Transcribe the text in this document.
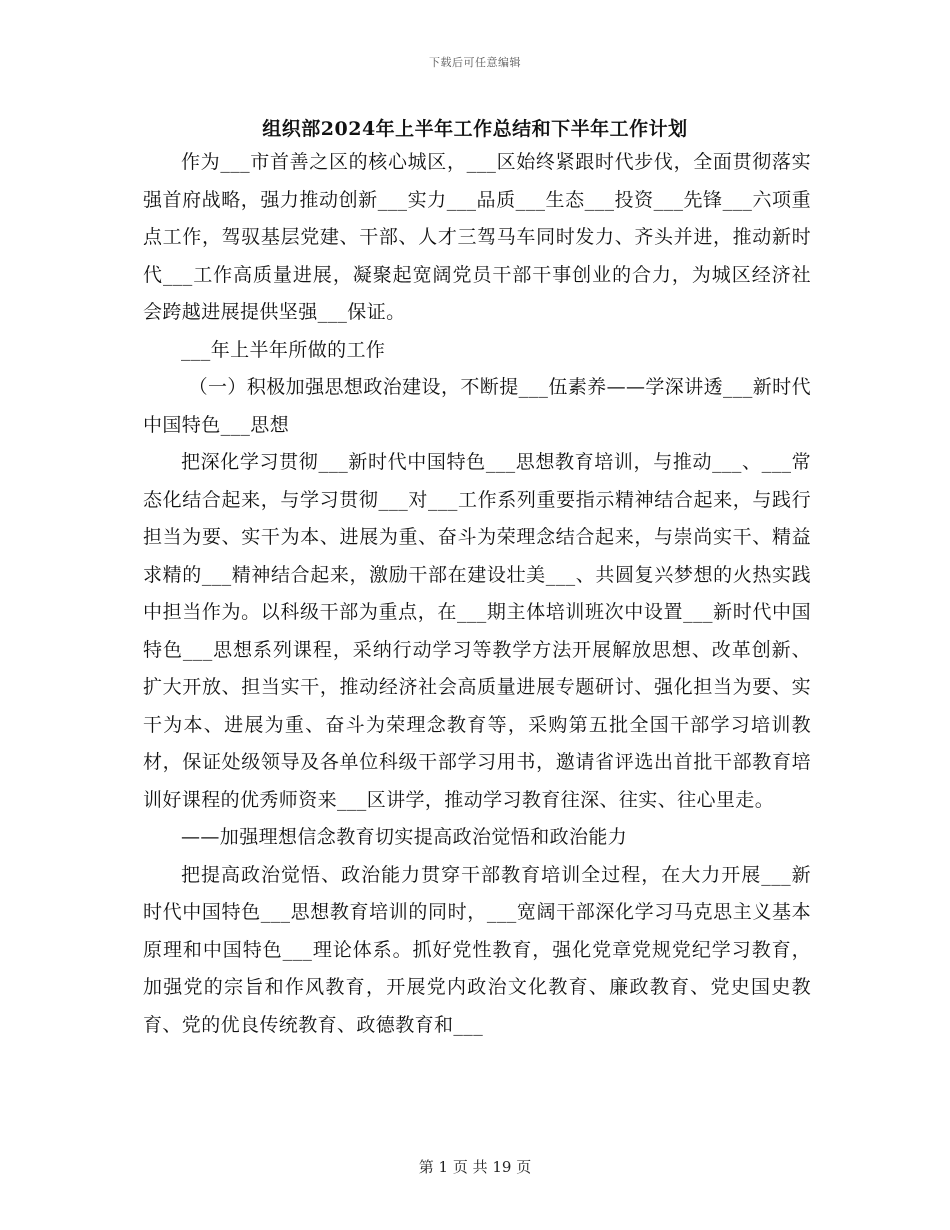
下载后可任意编辑
组织部2024年上半年工作总结和下半年工作计划

作为___市首善之区的核心城区，___区始终紧跟时代步伐，全面贯彻落实强首府战略，强力推动创新___实力___品质___生态___投资___先锋___六项重点工作，驾驭基层党建、干部、人才三驾马车同时发力、齐头并进，推动新时代___工作高质量进展，凝聚起宽阔党员干部干事创业的合力，为城区经济社会跨越进展提供坚强___保证。

___年上半年所做的工作

（一）积极加强思想政治建设，不断提___伍素养——学深讲透___新时代中国特色___思想

把深化学习贯彻___新时代中国特色___思想教育培训，与推动___、___常态化结合起来，与学习贯彻___对___工作系列重要指示精神结合起来，与践行担当为要、实干为本、进展为重、奋斗为荣理念结合起来，与崇尚实干、精益求精的___精神结合起来，激励干部在建设壮美___、共圆复兴梦想的火热实践中担当作为。以科级干部为重点，在___期主体培训班次中设置___新时代中国特色___思想系列课程，采纳行动学习等教学方法开展解放思想、改革创新、扩大开放、担当实干，推动经济社会高质量进展专题研讨、强化担当为要、实干为本、进展为重、奋斗为荣理念教育等，采购第五批全国干部学习培训教材，保证处级领导及各单位科级干部学习用书，邀请省评选出首批干部教育培训好课程的优秀师资来___区讲学，推动学习教育往深、往实、往心里走。

——加强理想信念教育切实提高政治觉悟和政治能力

把提高政治觉悟、政治能力贯穿干部教育培训全过程，在大力开展___新时代中国特色___思想教育培训的同时，___宽阔干部深化学习马克思主义基本原理和中国特色___理论体系。抓好党性教育，强化党章党规党纪学习教育，加强党的宗旨和作风教育，开展党内政治文化教育、廉政教育、党史国史教育、党的优良传统教育、政德教育和___

第 1 页 共 19 页
